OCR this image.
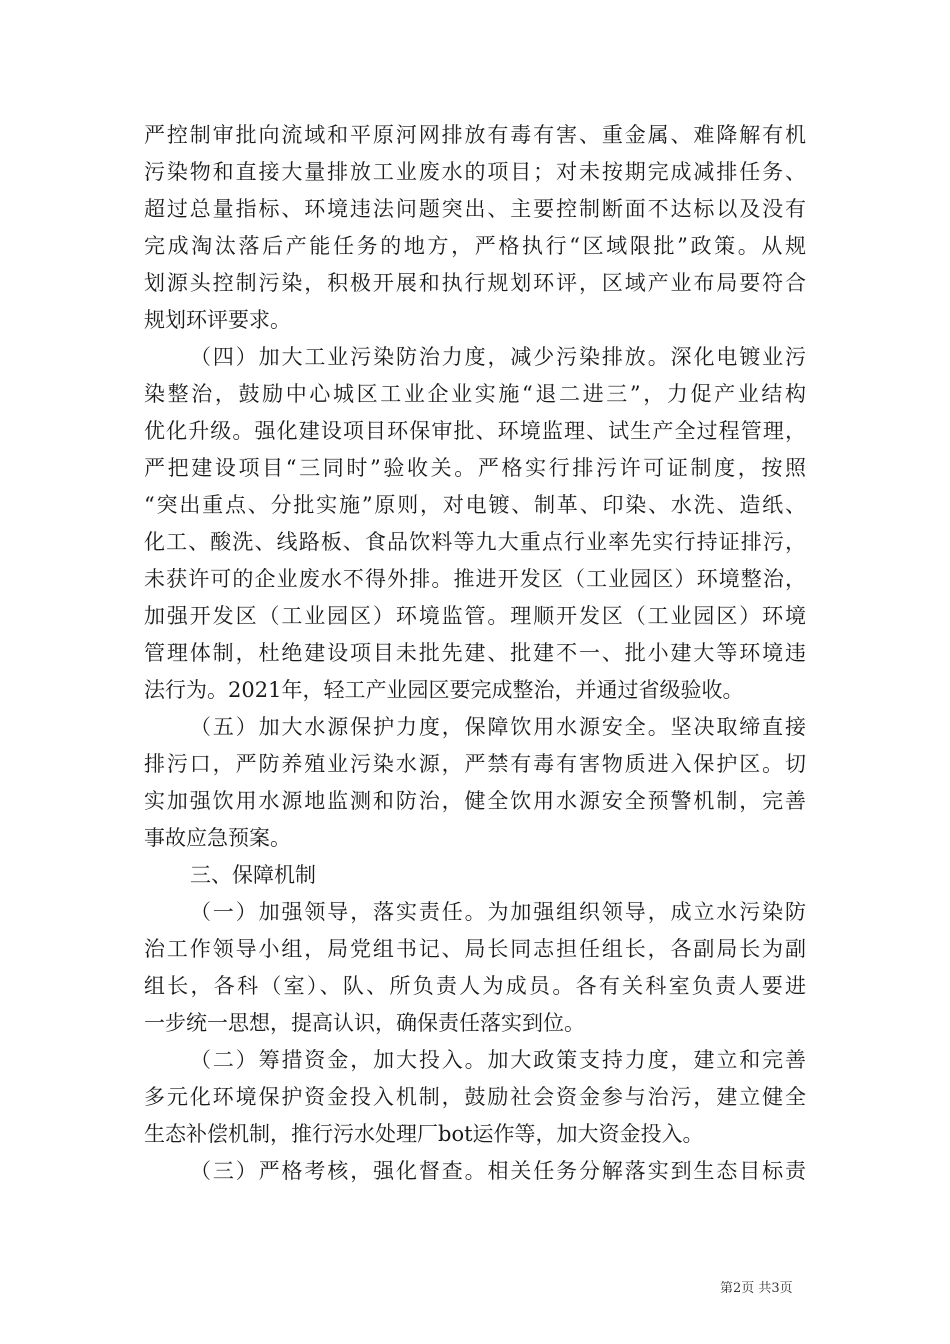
严控制审批向流域和平原河网排放有毒有害、重金属、难降解有机
污染物和直接大量排放工业废水的项目；对未按期完成减排任务、
超过总量指标、环境违法问题突出、主要控制断面不达标以及没有
完成淘汰落后产能任务的地方，严格执行“区域限批”政策。从规
划源头控制污染，积极开展和执行规划环评，区域产业布局要符合
规划环评要求。
（四）加大工业污染防治力度，减少污染排放。深化电镀业污
染整治，鼓励中心城区工业企业实施“退二进三”，力促产业结构
优化升级。强化建设项目环保审批、环境监理、试生产全过程管理，
严把建设项目“三同时”验收关。严格实行排污许可证制度，按照
“突出重点、分批实施”原则，对电镀、制革、印染、水洗、造纸、
化工、酸洗、线路板、食品饮料等九大重点行业率先实行持证排污，
未获许可的企业废水不得外排。推进开发区（工业园区）环境整治，
加强开发区（工业园区）环境监管。理顺开发区（工业园区）环境
管理体制，杜绝建设项目未批先建、批建不一、批小建大等环境违
法行为。2021年，轻工产业园区要完成整治，并通过省级验收。
（五）加大水源保护力度，保障饮用水源安全。坚决取缔直接
排污口，严防养殖业污染水源，严禁有毒有害物质进入保护区。切
实加强饮用水源地监测和防治，健全饮用水源安全预警机制，完善
事故应急预案。
三、保障机制
（一）加强领导，落实责任。为加强组织领导，成立水污染防
治工作领导小组，局党组书记、局长同志担任组长，各副局长为副
组长，各科（室）、队、所负责人为成员。各有关科室负责人要进
一步统一思想，提高认识，确保责任落实到位。
（二）筹措资金，加大投入。加大政策支持力度，建立和完善
多元化环境保护资金投入机制，鼓励社会资金参与治污，建立健全
生态补偿机制，推行污水处理厂bot运作等，加大资金投入。
（三）严格考核，强化督查。相关任务分解落实到生态目标责
第2页 共3页
